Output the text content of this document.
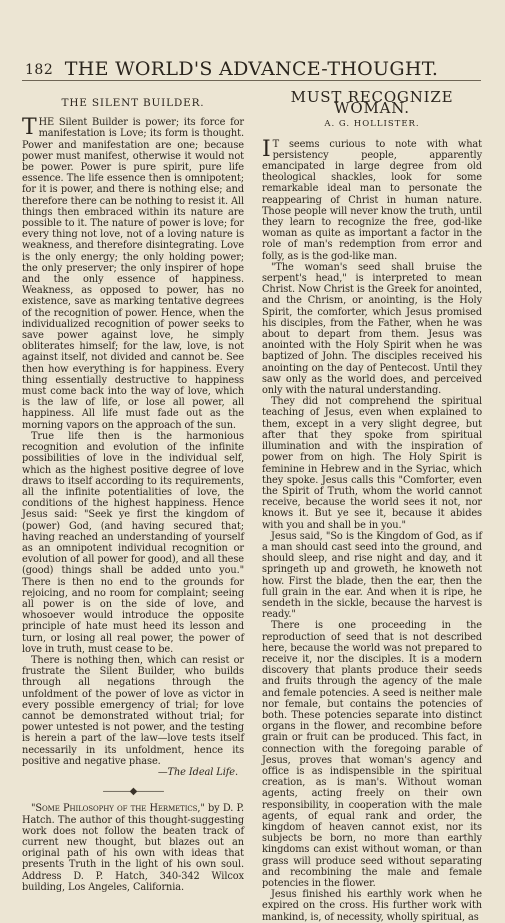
182 THE WORLD'S ADVANCE-THOUGHT.
THE SILENT BUILDER.

THE Silent Builder is power; its force for manifestation is Love; its form is thought. Power and manifestation are one; because power must manifest, otherwise it would not be power. Power is pure spirit, pure life essence. The life essence then is omnipotent; for it is power, and there is nothing else; and therefore there can be nothing to resist it. All things then embraced within its nature are possible to it. The nature of power is love; for every thing not love, not of a loving nature is weakness, and therefore disintegrating. Love is the only energy; the only holding power; the only preserver; the only inspirer of hope and the only essence of happiness. Weakness, as opposed to power, has no existence, save as marking tentative degrees of the recognition of power. Hence, when the individualized recognition of power seeks to save power against love, he simply obliterates himself; for the law, love, is not against itself, not divided and cannot be. See then how everything is for happiness. Every thing essentially destructive to happiness must come back into the way of love, which is the law of life, or lose all power, all happiness. All life must fade out as the morning vapors on the approach of the sun.

True life then is the harmonious recognition and evolution of the infinite possibilities of love in the individual self, which as the highest positive degree of love draws to itself according to its requirements, all the infinite potentialities of love, the conditions of the highest happiness. Hence Jesus said: "Seek ye first the kingdom of (power) God, (and having secured that; having reached an understanding of yourself as an omnipotent individual recognition or evolution of all power for good), and all these (good) things shall be added unto you." There is then no end to the grounds for rejoicing, and no room for complaint; seeing all power is on the side of love, and whosoever would introduce the opposite principle of hate must heed its lesson and turn, or losing all real power, the power of love in truth, must cease to be.

There is nothing then, which can resist or frustrate the Silent Builder, who builds through all negations through the unfoldment of the power of love as victor in every possible emergency of trial; for love cannot be demonstrated without trial; for power untested is not power, and the testing is herein a part of the law—love tests itself necessarily in its unfoldment, hence its positive and negative phase.

—The Ideal Life.
———◆———

"Some Philosophy of the Hermetics," by D. P. Hatch. The author of this thought-suggesting work does not follow the beaten track of current new thought, but blazes out an original path of his own with ideas that presents Truth in the light of his own soul. Address D. P. Hatch, 340-342 Wilcox building, Los Angeles, California.

MUST RECOGNIZE WOMAN.
A. G. HOLLISTER.

I T seems curious to note with what persistency people, apparently emancipated in large degree from old theological shackles, look for some remarkable ideal man to personate the reappearing of Christ in human nature. Those people will never know the truth, until they learn to recognize the free, god-like woman as quite as important a factor in the role of man's redemption from error and folly, as is the god-like man.

"The woman's seed shall bruise the serpent's head," is interpreted to mean Christ. Now Christ is the Greek for anointed, and the Chrism, or anointing, is the Holy Spirit, the comforter, which Jesus promised his disciples, from the Father, when he was about to depart from them. Jesus was anointed with the Holy Spirit when he was baptized of John. The disciples received his anointing on the day of Pentecost. Until they saw only as the world does, and perceived only with the natural understanding.

They did not comprehend the spiritual teaching of Jesus, even when explained to them, except in a very slight degree, but after that they spoke from spiritual illumination and with the inspiration of power from on high. The Holy Spirit is feminine in Hebrew and in the Syriac, which they spoke. Jesus calls this "Comforter, even the Spirit of Truth, whom the world cannot receive, because the world sees it not, nor knows it. But ye see it, because it abides with you and shall be in you."

Jesus said, "So is the Kingdom of God, as if a man should cast seed into the ground, and should sleep, and rise night and day, and it springeth up and groweth, he knoweth not how. First the blade, then the ear, then the full grain in the ear. And when it is ripe, he sendeth in the sickle, because the harvest is ready."

There is one proceeding in the reproduction of seed that is not described here, because the world was not prepared to receive it, nor the disciples. It is a modern discovery that plants produce their seeds and fruits through the agency of the male and female potencies. A seed is neither male nor female, but contains the potencies of both. These potencies separate into distinct organs in the flower, and recombine before grain or fruit can be produced. This fact, in connection with the foregoing parable of Jesus, proves that woman's agency and office is as indispensible in the spiritual creation, as is man's. Without woman agents, acting freely on their own responsibility, in cooperation with the male agents, of equal rank and order, the kingdom of heaven cannot exist, nor its subjects be born, no more than earthly kingdoms can exist without woman, or than grass will produce seed without separating and recombining the male and female potencies in the flower.

Jesus finished his earthly work when he expired on the cross. His further work with mankind, is, of necessity, wholly spiritual, as
